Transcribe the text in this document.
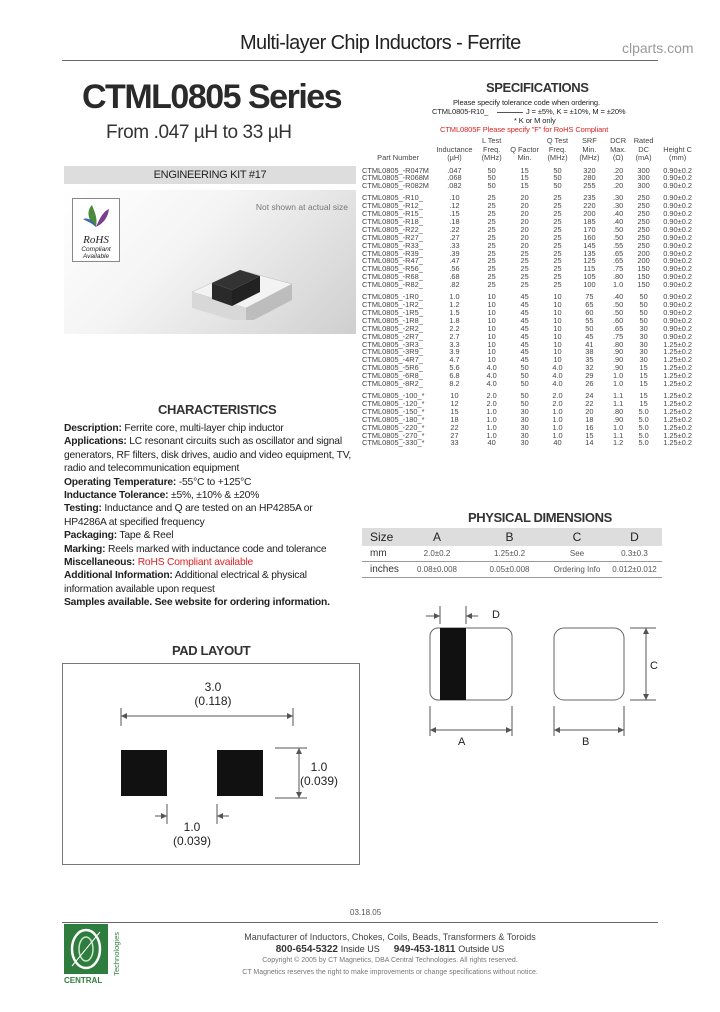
Multi-layer Chip Inductors - Ferrite	clparts.com
CTML0805 Series
From .047 µH to 33 µH
ENGINEERING KIT #17
Not shown at actual size
RoHS
Compliant
Available
CHARACTERISTICS

Description: Ferrite core, multi-layer chip inductor

Applications: LC resonant circuits such as oscillator and signal generators, RF filters, disk drives, audio and video equipment, TV, radio and telecommunication equipment

Operating Temperature: -55°C to +125°C

Inductance Tolerance: ±5%, ±10% & ±20%

Testing: Inductance and Q are tested on an HP4285A or HP4286A at specified frequency

Packaging: Tape & Reel

Marking: Reels marked with inductance code and tolerance

Miscellaneous: RoHS Compliant available

Additional Information: Additional electrical & physical information available upon request

Samples available. See website for ordering information.

PAD LAYOUT
3.0
(0.118)
1.0
(0.039)
1.0
(0.039)
SPECIFICATIONS
Please specify tolerance code when ordering.
CTML0805-R10_	J = ±5%, K = ±10%, M = ±20%
* K or M only
CTML0805F Please specify "F" for RoHS Compliant
Part Number	Inductance (µH)	L Test Freq. (MHz)	Q Factor Min.	Q Test Freq. (MHz)	SRF Min. (MHz)	DCR Max. (Ω)	Rated DC (mA)	Height C (mm)
CTML0805_-R047M	.047	50	15	50	320	.20	300	0.90±0.2
CTML0805_-R068M	.068	50	15	50	280	.20	300	0.90±0.2
CTML0805_-R082M	.082	50	15	50	255	.20	300	0.90±0.2
CTML0805_-R10_	.10	25	20	25	235	.30	250	0.90±0.2
CTML0805_-R12_	.12	25	20	25	220	.30	250	0.90±0.2
CTML0805_-R15_	.15	25	20	25	200	.40	250	0.90±0.2
CTML0805_-R18_	.18	25	20	25	185	.40	250	0.90±0.2
CTML0805_-R22_	.22	25	20	25	170	.50	250	0.90±0.2
CTML0805_-R27_	.27	25	20	25	160	.50	250	0.90±0.2
CTML0805_-R33_	.33	25	20	25	145	.55	250	0.90±0.2
CTML0805_-R39_	.39	25	25	25	135	.65	200	0.90±0.2
CTML0805_-R47_	.47	25	25	25	125	.65	200	0.90±0.2
CTML0805_-R56_	.56	25	25	25	115	.75	150	0.90±0.2
CTML0805_-R68_	.68	25	25	25	105	.80	150	0.90±0.2
CTML0805_-R82_	.82	25	25	25	100	1.0	150	0.90±0.2
CTML0805_-1R0_	1.0	10	45	10	75	.40	50	0.90±0.2
CTML0805_-1R2_	1.2	10	45	10	65	.50	50	0.90±0.2
CTML0805_-1R5_	1.5	10	45	10	60	.50	50	0.90±0.2
CTML0805_-1R8_	1.8	10	45	10	55	.60	50	0.90±0.2
CTML0805_-2R2_	2.2	10	45	10	50	.65	30	0.90±0.2
CTML0805_-2R7_	2.7	10	45	10	45	.75	30	0.90±0.2
CTML0805_-3R3_	3.3	10	45	10	41	.80	30	1.25±0.2
CTML0805_-3R9_	3.9	10	45	10	38	.90	30	1.25±0.2
CTML0805_-4R7_	4.7	10	45	10	35	.90	30	1.25±0.2
CTML0805_-5R6_	5.6	4.0	50	4.0	32	.90	15	1.25±0.2
CTML0805_-6R8_	6.8	4.0	50	4.0	29	1.0	15	1.25±0.2
CTML0805_-8R2_	8.2	4.0	50	4.0	26	1.0	15	1.25±0.2
CTML0805_-100_*	10	2.0	50	2.0	24	1.1	15	1.25±0.2
CTML0805_-120_*	12	2.0	50	2.0	22	1.1	15	1.25±0.2
CTML0805_-150_*	15	1.0	30	1.0	20	.80	5.0	1.25±0.2
CTML0805_-180_*	18	1.0	30	1.0	18	.90	5.0	1.25±0.2
CTML0805_-220_*	22	1.0	30	1.0	16	1.0	5.0	1.25±0.2
CTML0805_-270_*	27	1.0	30	1.0	15	1.1	5.0	1.25±0.2
CTML0805_-330_*	33	40	30	40	14	1.2	5.0	1.25±0.2
PHYSICAL DIMENSIONS
Size	A	B	C	D
mm	2.0±0.2	1.25±0.2	See	0.3±0.3
inches	0.08±0.008	0.05±0.008	Ordering Info	0.012±0.012
D
A	B
C
03.18.05
CENTRAL
Technologies	Manufacturer of Inductors, Chokes, Coils, Beads, Transformers & Toroids
800-654-5322 Inside US 949-453-1811 Outside US
Copyright © 2005 by CT Magnetics, DBA Central Technologies. All rights reserved.
CT Magnetics reserves the right to make improvements or change specifications without notice.
